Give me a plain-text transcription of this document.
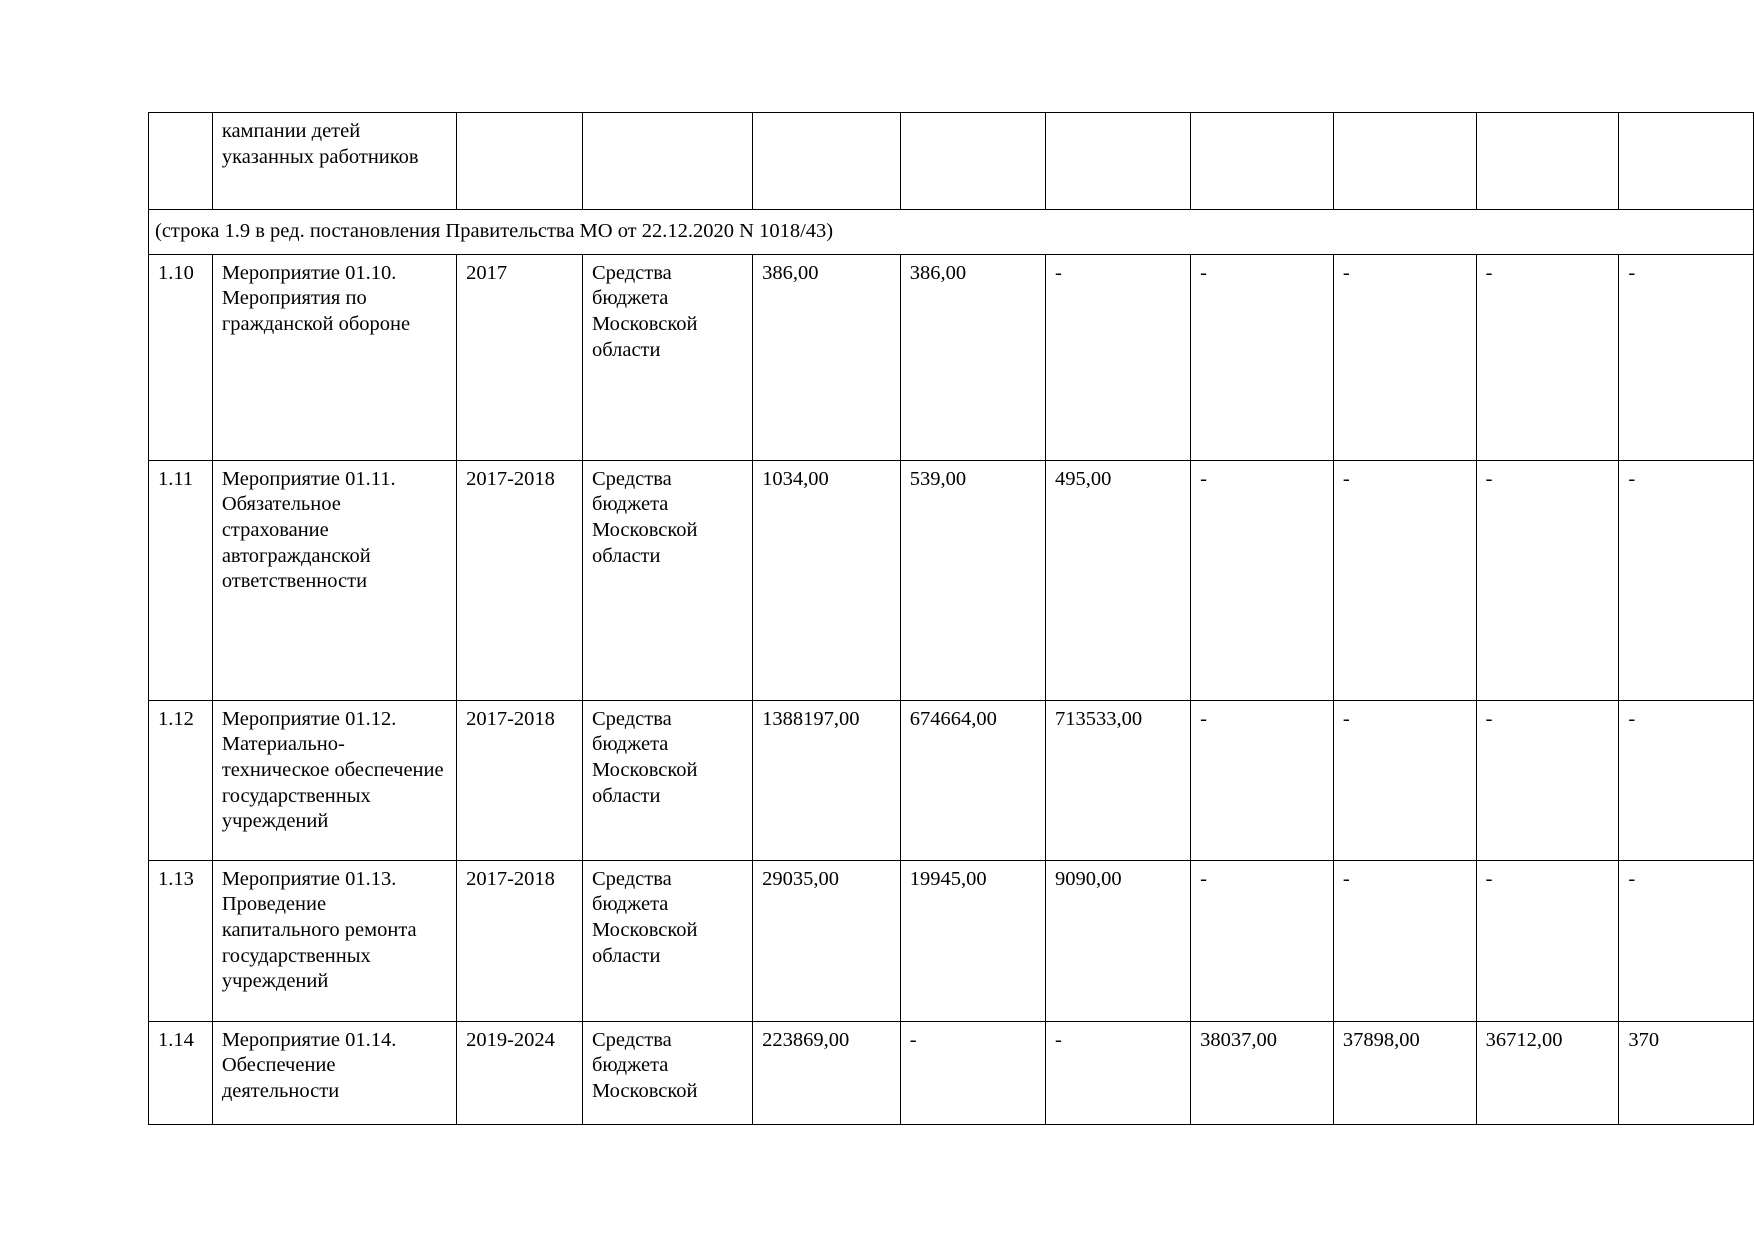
	кампании детей указанных работников									
(строка 1.9 в ред. постановления Правительства МО от 22.12.2020 N 1018/43)										
1.10	Мероприятие 01.10. Мероприятия по гражданской обороне	2017	Средства бюджета Московской области	386,00	386,00	-	-	-	-	-
1.11	Мероприятие 01.11. Обязательное страхование автогражданской ответственности	2017-2018	Средства бюджета Московской области	1034,00	539,00	495,00	-	-	-	-
1.12	Мероприятие 01.12. Материально-техническое обеспечение государственных учреждений	2017-2018	Средства бюджета Московской области	1388197,00	674664,00	713533,00	-	-	-	-
1.13	Мероприятие 01.13. Проведение капитального ремонта государственных учреждений	2017-2018	Средства бюджета Московской области	29035,00	19945,00	9090,00	-	-	-	-
1.14	Мероприятие 01.14. Обеспечение деятельности	2019-2024	Средства бюджета Московской	223869,00	-	-	38037,00	37898,00	36712,00	370
